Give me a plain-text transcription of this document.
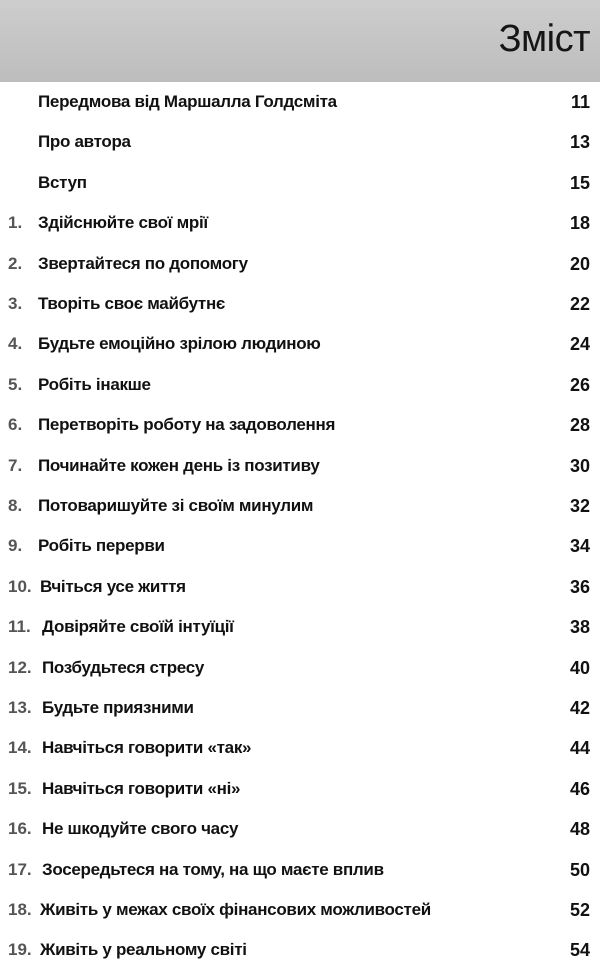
Зміст
Передмова від Маршалла Голдсміта	11
Про автора	13
Вступ	15
1. Здійснюйте свої мрії	18
2. Звертайтеся по допомогу	20
3. Творіть своє майбутнє	22
4. Будьте емоційно зрілою людиною	24
5. Робіть інакше	26
6. Перетворіть роботу на задоволення	28
7. Починайте кожен день із позитиву	30
8. Потоваришуйте зі своїм минулим	32
9. Робіть перерви	34
10. Вчіться усе життя	36
11. Довіряйте своїй інтуїції	38
12. Позбудьтеся стресу	40
13. Будьте приязними	42
14. Навчіться говорити «так»	44
15. Навчіться говорити «ні»	46
16. Не шкодуйте свого часу	48
17. Зосередьтеся на тому, на що маєте вплив	50
18. Живіть у межах своїх фінансових можливостей	52
19. Живіть у реальному світі	54
